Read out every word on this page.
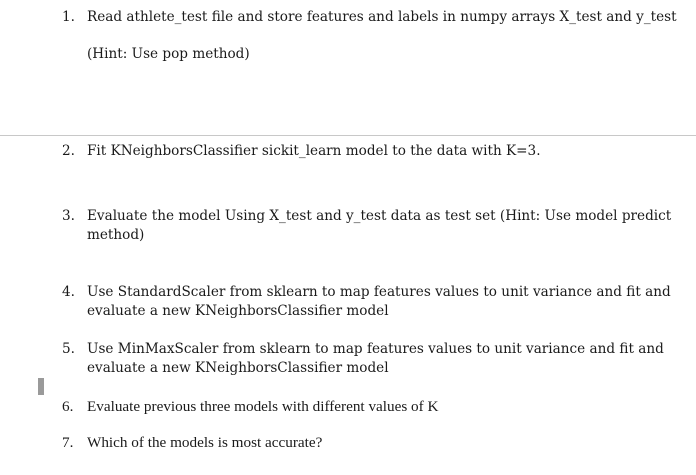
1. Read athlete_test file and store features and labels in numpy arrays X_test and y_test
(Hint: Use pop method)
2. Fit KNeighborsClassifier sickit_learn model to the data with K=3.
3. Evaluate the model Using X_test and y_test data as test set (Hint: Use model predict method)
4. Use StandardScaler from sklearn to map features values to unit variance and fit and evaluate a new KNeighborsClassifier model
5. Use MinMaxScaler from sklearn to map features values to unit variance and fit and evaluate a new KNeighborsClassifier model
6. Evaluate previous three models with different values of K
7. Which of the models is most accurate?
